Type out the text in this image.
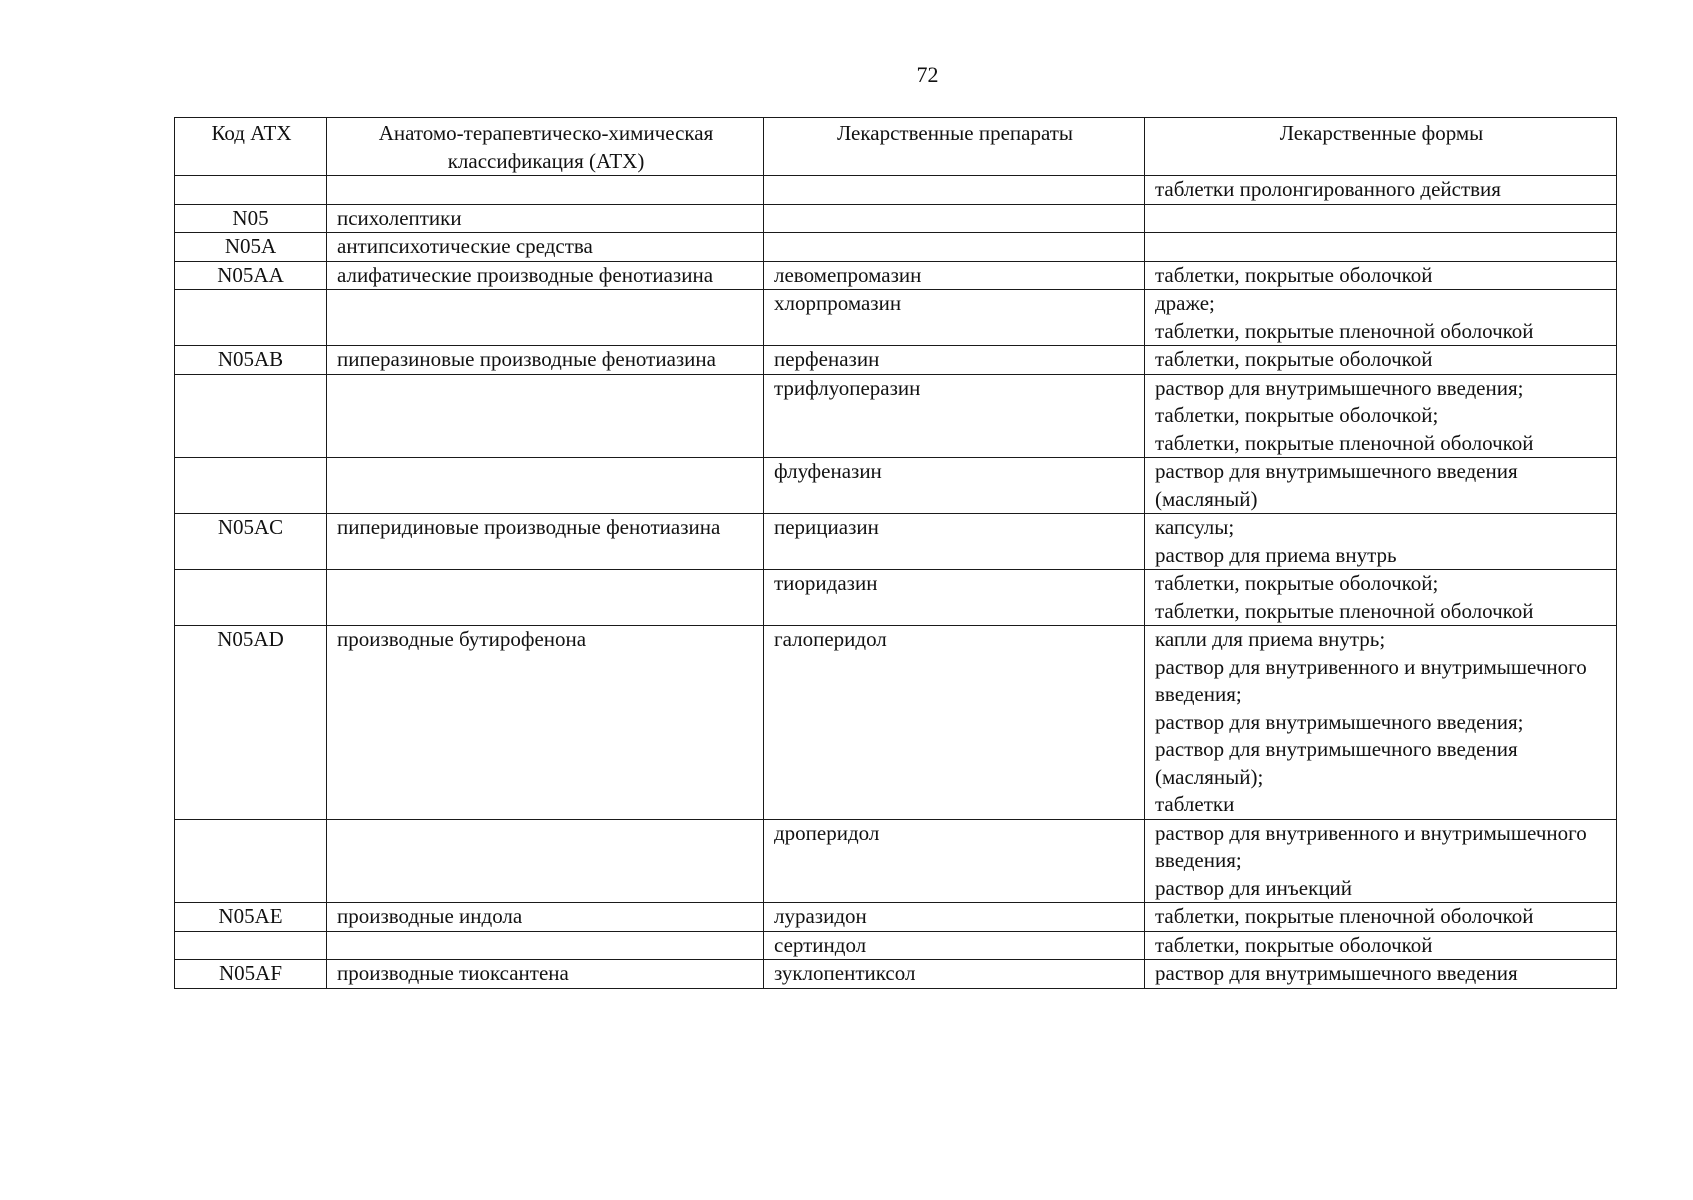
72
Код АТХ	Анатомо-терапевтическо-химическая классификация (АТХ)	Лекарственные препараты	Лекарственные формы
			таблетки пролонгированного действия
N05	психолептики		
N05A	антипсихотические средства		
N05AA	алифатические производные фенотиазина	левомепромазин	таблетки, покрытые оболочкой
		хлорпромазин	драже;
таблетки, покрытые пленочной оболочкой
N05AB	пиперазиновые производные фенотиазина	перфеназин	таблетки, покрытые оболочкой
		трифлуоперазин	раствор для внутримышечного введения;
таблетки, покрытые оболочкой;
таблетки, покрытые пленочной оболочкой
		флуфеназин	раствор для внутримышечного введения (масляный)
N05AC	пиперидиновые производные фенотиазина	перициазин	капсулы;
раствор для приема внутрь
		тиоридазин	таблетки, покрытые оболочкой;
таблетки, покрытые пленочной оболочкой
N05AD	производные бутирофенона	галоперидол	капли для приема внутрь;
раствор для внутривенного и внутримышечного введения;
раствор для внутримышечного введения;
раствор для внутримышечного введения (масляный);
таблетки
		дроперидол	раствор для внутривенного и внутримышечного введения;
раствор для инъекций
N05AE	производные индола	луразидон	таблетки, покрытые пленочной оболочкой
		сертиндол	таблетки, покрытые оболочкой
N05AF	производные тиоксантена	зуклопентиксол	раствор для внутримышечного введения
